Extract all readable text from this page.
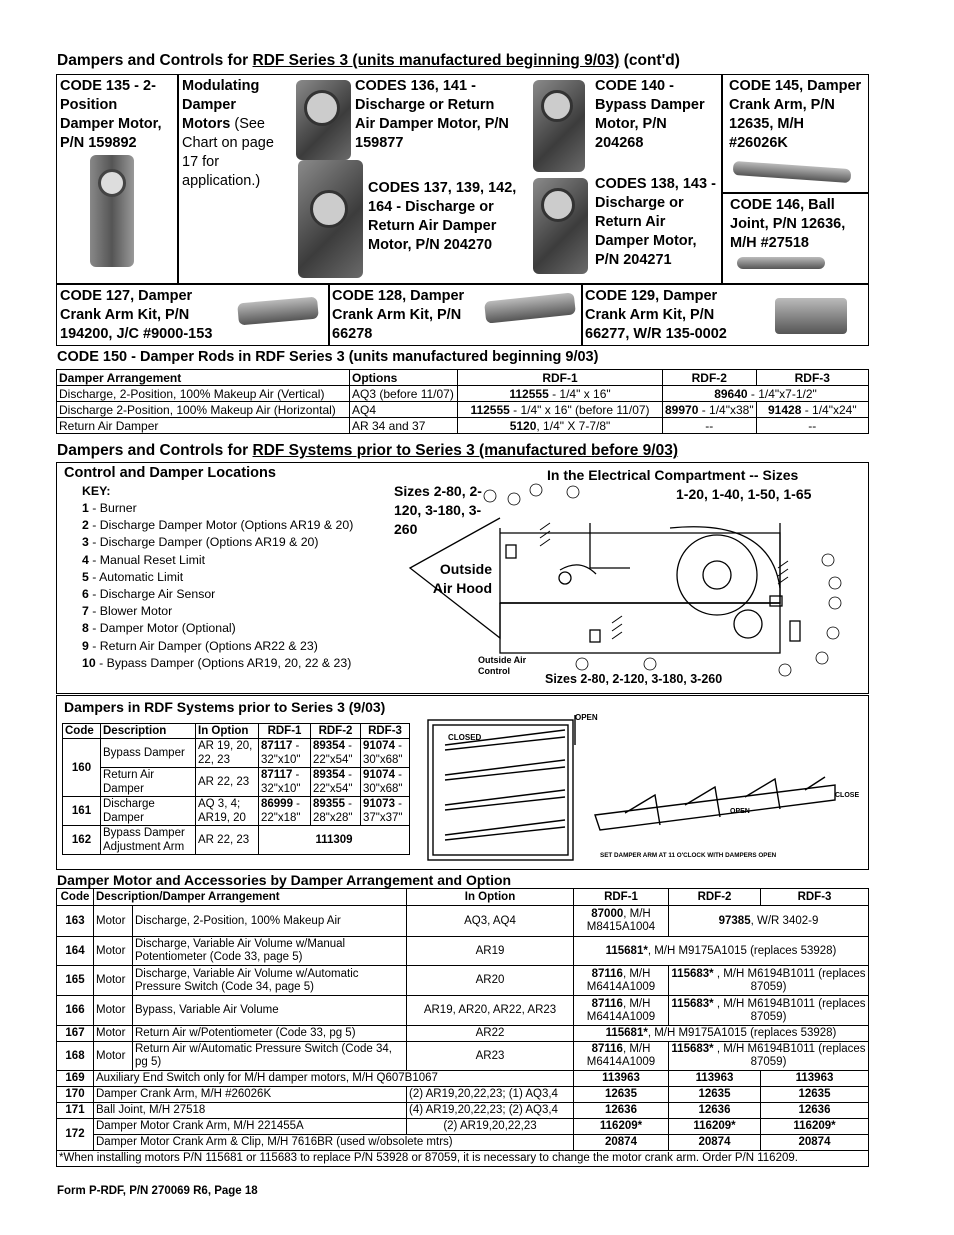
Dampers and Controls for RDF Series 3 (units manufactured beginning 9/03) (cont'd)
CODE 135 - 2-Position Damper Motor, P/N 159892
Modulating Damper Motors (See Chart on page 17 for application.)
CODES 136, 141 - Discharge or Return Air Damper Motor, P/N 159877
CODE 140 - Bypass Damper Motor, P/N 204268
CODE 145, Damper Crank Arm, P/N 12635, M/H #26026K
CODES 137, 139, 142, 164 - Discharge or Return Air Damper Motor, P/N 204270
CODES 138, 143 - Discharge or Return Air Damper Motor, P/N 204271
CODE 146, Ball Joint, P/N 12636, M/H #27518
CODE 127, Damper Crank Arm Kit, P/N 194200, J/C #9000-153
CODE 128, Damper Crank Arm Kit, P/N 66278
CODE 129, Damper Crank Arm Kit, P/N 66277, W/R 135-0002
CODE 150 - Damper Rods in RDF Series 3 (units manufactured beginning 9/03)
Damper Arrangement	Options	RDF-1	RDF-2	RDF-3
Discharge, 2-Position, 100% Makeup Air (Vertical)	AQ3 (before 11/07)	112555 - 1/4" x 16"	89640 - 1/4"x7-1/2"	
Discharge 2-Position, 100% Makeup Air (Horizontal)	AQ4	112555 - 1/4" x 16" (before 11/07)	89970 - 1/4"x38"	91428 - 1/4"x24"
Return Air Damper	AR 34 and 37	5120, 1/4" X 7-7/8"	--	--
Dampers and Controls for RDF Systems prior to Series 3 (manufactured before 9/03)
Control and Damper Locations
KEY:
1 - Burner
2 - Discharge Damper Motor (Options AR19 & 20)
3 - Discharge Damper (Options AR19 & 20)
4 - Manual Reset Limit
5 - Automatic Limit
6 - Discharge Air Sensor
7 - Blower Motor
8 - Damper Motor (Optional)
9 - Return Air Damper (Options AR22 & 23)
10 - Bypass Damper (Options AR19, 20, 22 & 23)
Sizes 2-80, 2-120, 3-180, 3-260
In the Electrical Compartment -- Sizes
1-20, 1-40, 1-50, 1-65
Outside Air Hood
Outside Air Control
Sizes 2-80, 2-120, 3-180, 3-260
Dampers in RDF Systems prior to Series 3 (9/03)
Code	Description	In Option	RDF-1	RDF-2	RDF-3
160	Bypass Damper	AR 19, 20, 22, 23	87117 - 32"x10"	89354 - 22"x54"	91074 - 30"x68"
	Return Air Damper	AR 22, 23	87117 - 32"x10"	89354 - 22"x54"	91074 - 30"x68"
161	Discharge Damper	AQ 3, 4; AR19, 20	86999 - 22"x18"	89355 - 28"x28"	91073 - 37"x37"
162	Bypass Damper Adjustment Arm	AR 22, 23	111309		
CLOSED
OPEN
CLOSE
OPEN
SET DAMPER ARM AT 11 O'CLOCK WITH DAMPERS OPEN
Damper Motor and Accessories by Damper Arrangement and Option
Code	Description/Damper Arrangement		In Option	RDF-1	RDF-2	RDF-3
163	Motor	Discharge, 2-Position, 100% Makeup Air	AQ3, AQ4	87000, M/H M8415A1004	97385, W/R 3402-9	
164	Motor	Discharge, Variable Air Volume w/Manual Potentiometer (Code 33, page 5)	AR19	115681*, M/H M9175A1015 (replaces 53928)		
165	Motor	Discharge, Variable Air Volume w/Automatic Pressure Switch (Code 34, page 5)	AR20	87116, M/H M6414A1009	115683* , M/H M6194B1011 (replaces 87059)	
166	Motor	Bypass, Variable Air Volume	AR19, AR20, AR22, AR23	87116, M/H M6414A1009	115683* , M/H M6194B1011 (replaces 87059)	
167	Motor	Return Air w/Potentiometer (Code 33, pg 5)	AR22	115681*, M/H M9175A1015 (replaces 53928)		
168	Motor	Return Air w/Automatic Pressure Switch (Code 34, pg 5)	AR23	87116, M/H M6414A1009	115683* , M/H M6194B1011 (replaces 87059)	
169	Auxiliary End Switch only for M/H damper motors, M/H Q607B1067			113963	113963	113963
170	Damper Crank Arm, M/H #26026K		(2) AR19,20,22,23; (1) AQ3,4	12635	12635	12635
171	Ball Joint, M/H 27518		(4) AR19,20,22,23; (2) AQ3,4	12636	12636	12636
172	Damper Motor Crank Arm, M/H 221455A		(2) AR19,20,22,23	116209*	116209*	116209*
	Damper Motor Crank Arm & Clip, M/H 7616BR (used w/obsolete mtrs)			20874	20874	20874
*When installing motors P/N 115681 or 115683 to replace P/N 53928 or 87059, it is necessary to change the motor crank arm. Order P/N 116209.						
Form P-RDF, P/N 270069 R6, Page 18
